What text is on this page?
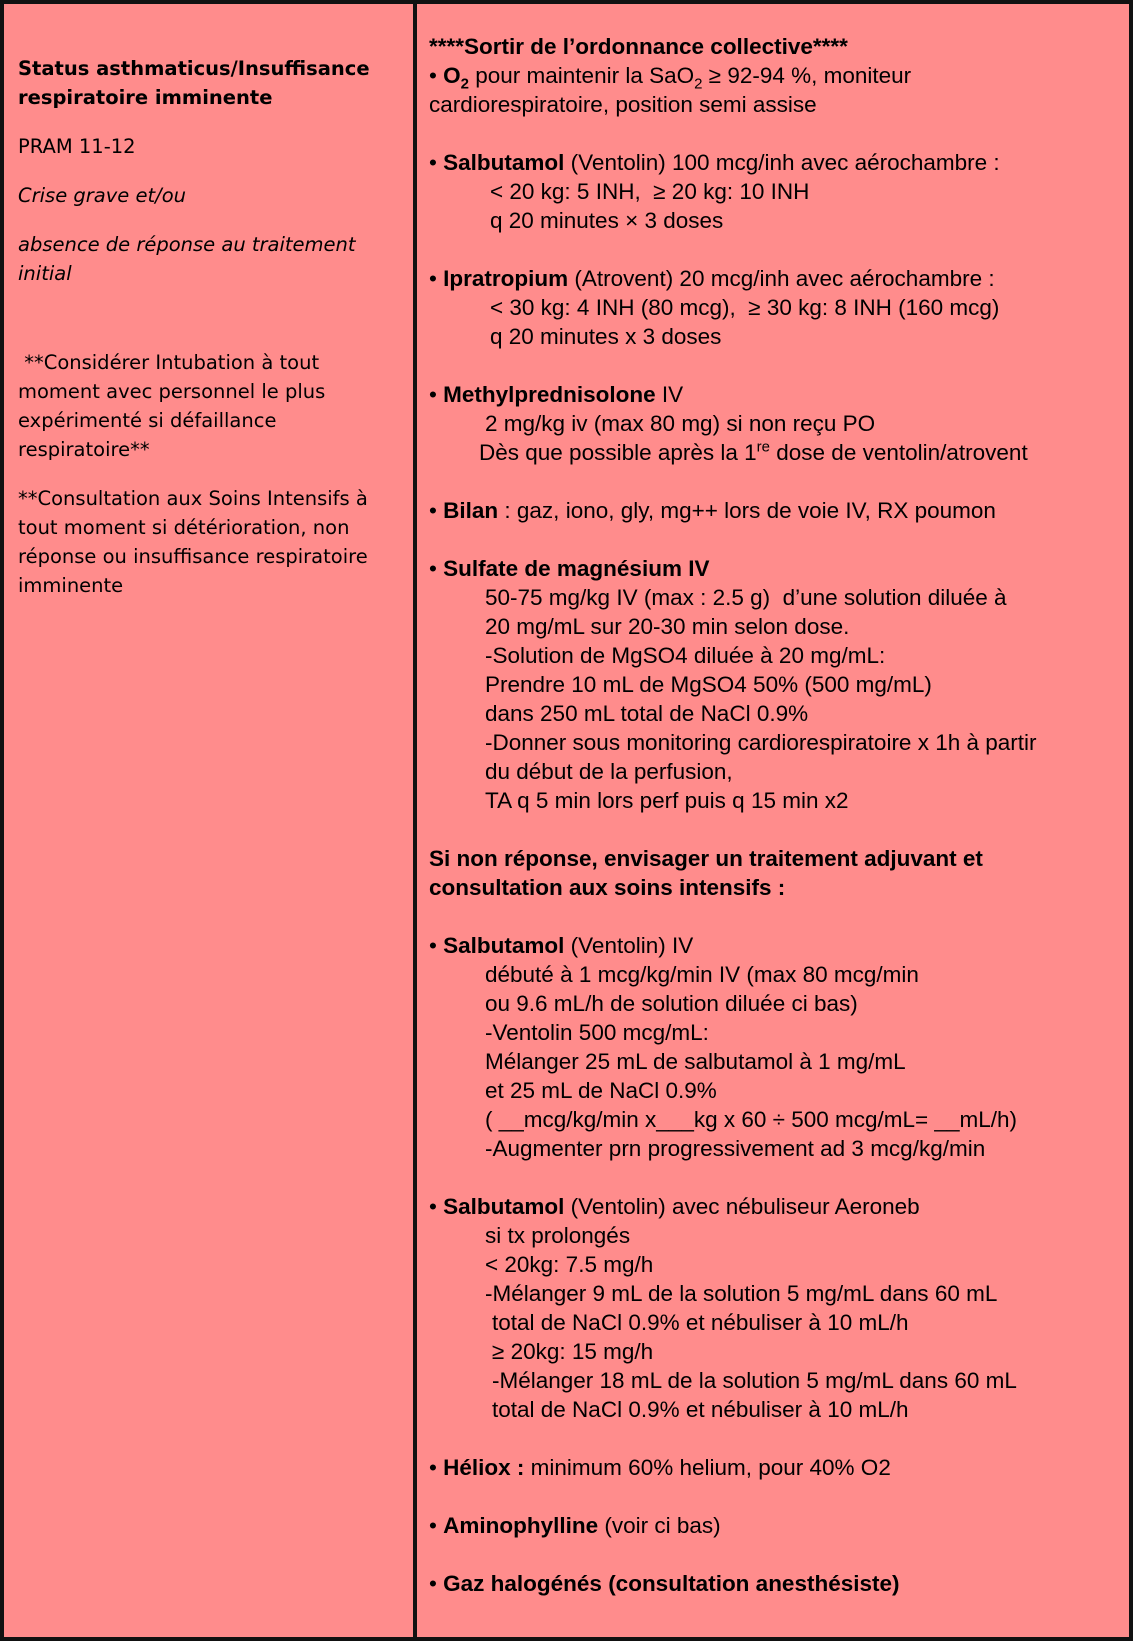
Status asthmaticus/Insuffisance respiratoire imminente

PRAM 11-12

Crise grave et/ou

absence de réponse au traitement initial

**Considérer Intubation à tout moment avec personnel le plus expérimenté si défaillance respiratoire**

**Consultation aux Soins Intensifs à tout moment si détérioration, non réponse ou insuffisance respiratoire imminente

****Sortir de l’ordonnance collective****
• $O_2$ pour maintenir la SaO$_2$ ≥ 92-94 %, moniteur
cardiorespiratoire, position semi assise
• Salbutamol (Ventolin) 100 mcg/inh avec aérochambre :
< 20 kg: 5 INH,  ≥ 20 kg: 10 INH
q 20 minutes × 3 doses
• Ipratropium (Atrovent) 20 mcg/inh avec aérochambre :
< 30 kg: 4 INH (80 mcg),  ≥ 30 kg: 8 INH (160 mcg)
q 20 minutes x 3 doses
• Methylprednisolone IV
2 mg/kg iv (max 80 mg) si non reçu PO
Dès que possible après la 1re dose de ventolin/atrovent
• Bilan : gaz, iono, gly, mg++ lors de voie IV, RX poumon
• Sulfate de magnésium IV
50-75 mg/kg IV (max : 2.5 g)  d’une solution diluée à
20 mg/mL sur 20-30 min selon dose.
-Solution de MgSO4 diluée à 20 mg/mL:
Prendre 10 mL de MgSO4 50% (500 mg/mL)
dans 250 mL total de NaCl 0.9%
-Donner sous monitoring cardiorespiratoire x 1h à partir
du début de la perfusion,
TA q 5 min lors perf puis q 15 min x2
Si non réponse, envisager un traitement adjuvant et consultation aux soins intensifs :
• Salbutamol (Ventolin) IV
débuté à 1 mcg/kg/min IV (max 80 mcg/min
ou 9.6 mL/h de solution diluée ci bas)
-Ventolin 500 mcg/mL:
Mélanger 25 mL de salbutamol à 1 mg/mL
et 25 mL de NaCl 0.9%
( __mcg/kg/min x___kg x 60 ÷ 500 mcg/mL= __mL/h)
-Augmenter prn progressivement ad 3 mcg/kg/min
• Salbutamol (Ventolin) avec nébuliseur Aeroneb
si tx prolongés
< 20kg: 7.5 mg/h
-Mélanger 9 mL de la solution 5 mg/mL dans 60 mL
total de NaCl 0.9% et nébuliser à 10 mL/h
≥ 20kg: 15 mg/h
-Mélanger 18 mL de la solution 5 mg/mL dans 60 mL
total de NaCl 0.9% et nébuliser à 10 mL/h
• Héliox : minimum 60% helium, pour 40% O2
• Aminophylline (voir ci bas)
• Gaz halogénés (consultation anesthésiste)
